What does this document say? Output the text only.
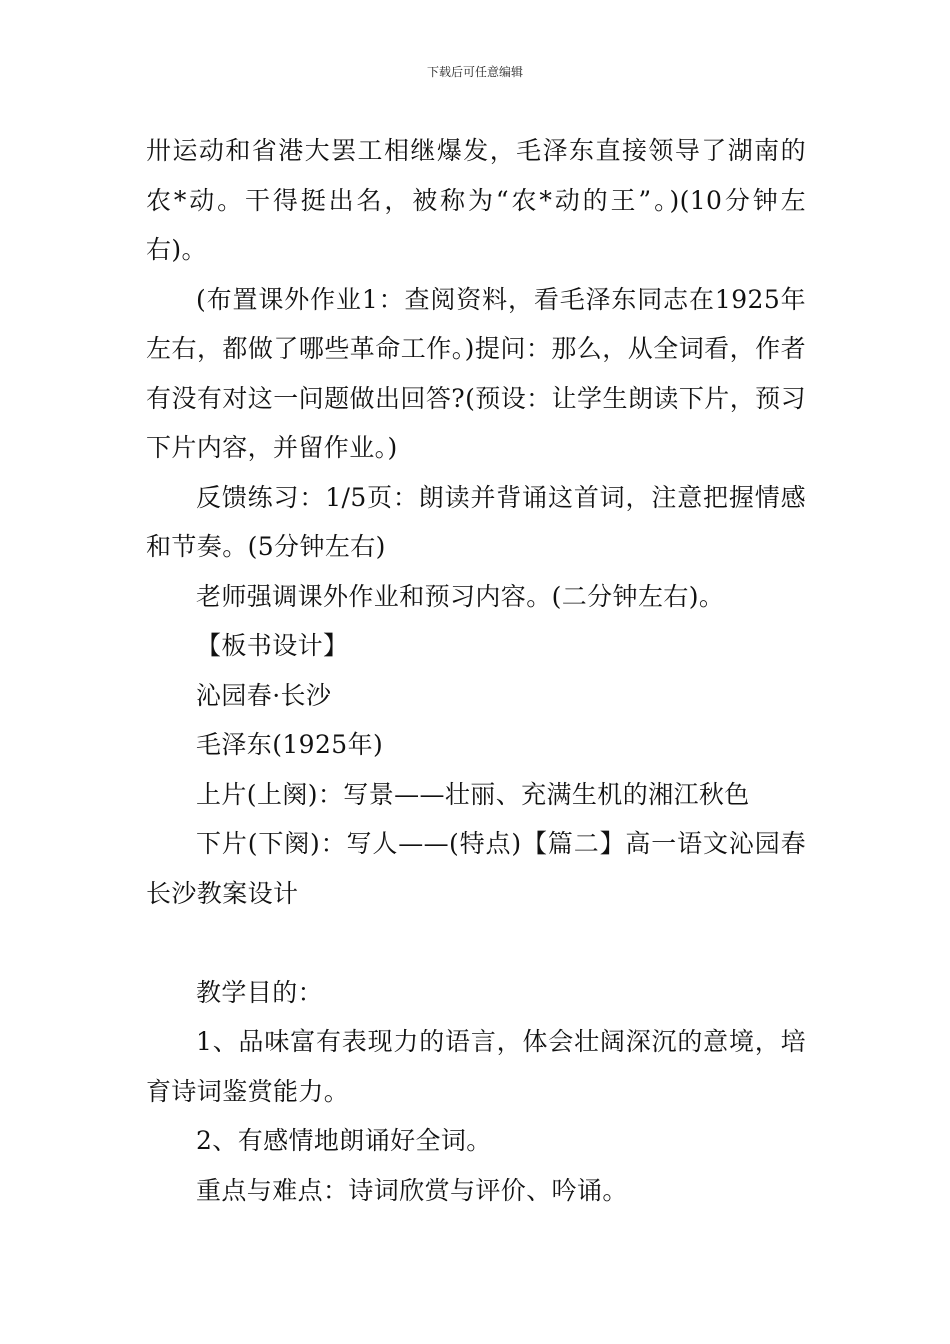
下载后可任意编辑

卅运动和省港大罢工相继爆发，毛泽东直接领导了湖南的农*动。干得挺出名，被称为“农*动的王”。)(10分钟左右)。

(布置课外作业1：查阅资料，看毛泽东同志在1925年左右，都做了哪些革命工作。)提问：那么，从全词看，作者有没有对这一问题做出回答?(预设：让学生朗读下片，预习下片内容，并留作业。)

反馈练习：1/5页：朗读并背诵这首词，注意把握情感和节奏。(5分钟左右)

老师强调课外作业和预习内容。(二分钟左右)。

【板书设计】

沁园春·长沙

毛泽东(1925年)

上片(上阕)：写景——壮丽、充满生机的湘江秋色

下片(下阕)：写人——(特点)【篇二】高一语文沁园春长沙教案设计

教学目的：

1、品味富有表现力的语言，体会壮阔深沉的意境，培育诗词鉴赏能力。

2、有感情地朗诵好全词。

重点与难点：诗词欣赏与评价、吟诵。
